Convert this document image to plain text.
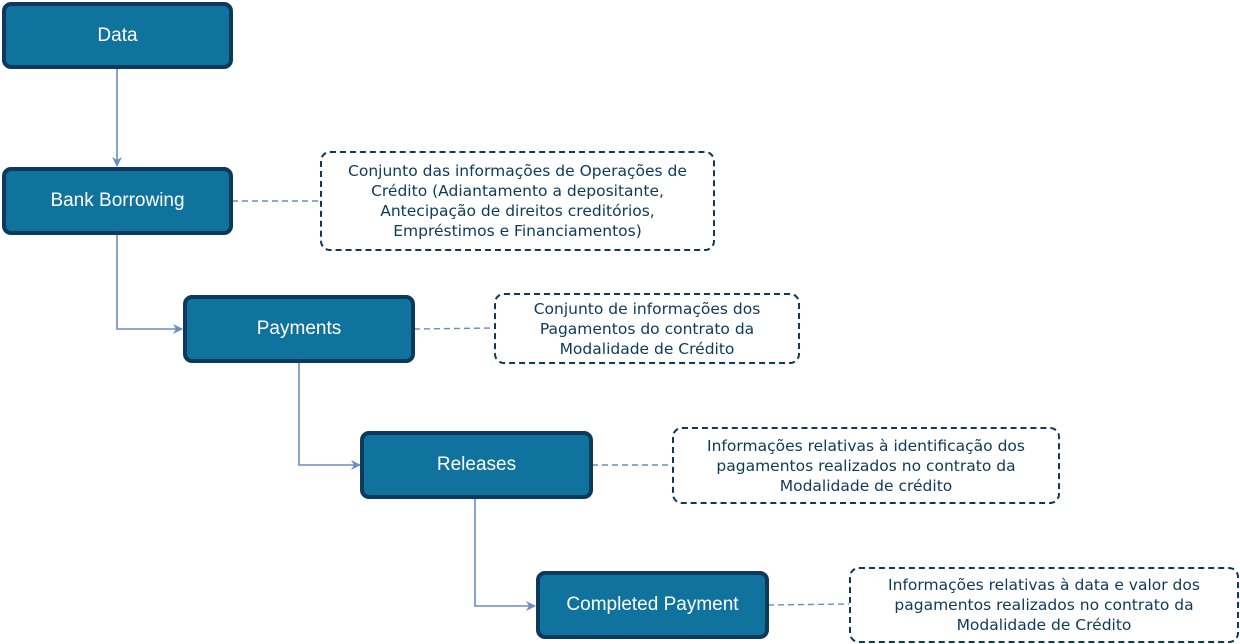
Data
Bank Borrowing
Payments
Releases
Completed Payment
Conjunto das informações de Operações de Crédito (Adiantamento a depositante, Antecipação de direitos creditórios, Empréstimos e Financiamentos)
Conjunto de informações dos Pagamentos do contrato da Modalidade de Crédito
Informações relativas à identificação dos pagamentos realizados no contrato da Modalidade de crédito
Informações relativas à data e valor dos pagamentos realizados no contrato da Modalidade de Crédito
